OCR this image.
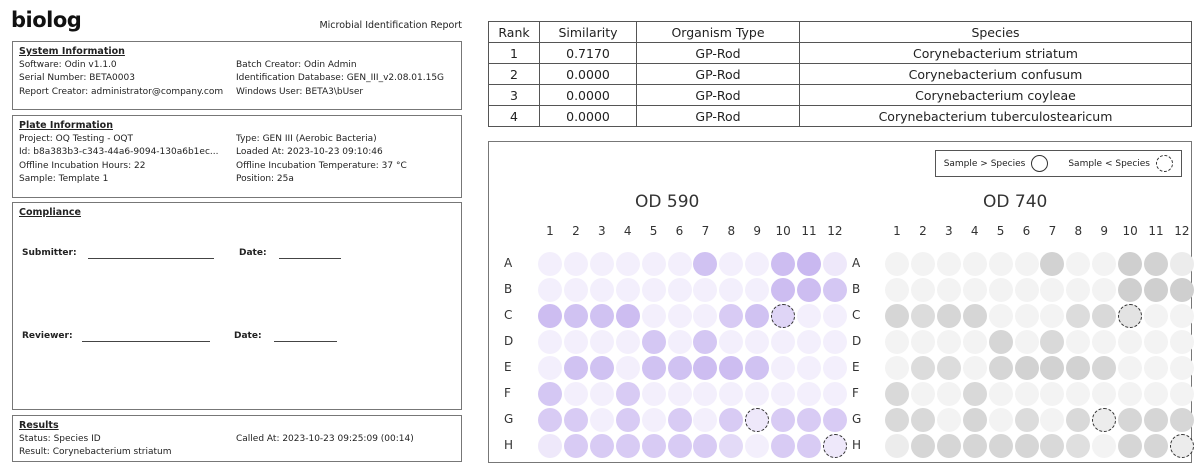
biolog	Microbial Identification Report
System Information
Software: Odin v1.1.0	Batch Creator: Odin Admin
Serial Number: BETA0003	Identification Database: GEN_III_v2.08.01.15G
Report Creator: administrator@company.com	Windows User: BETA3\bUser
Plate Information
Project: OQ Testing - OQT	Type: GEN III (Aerobic Bacteria)
Id: b8a383b3-c343-44a6-9094-130a6b1ec...	Loaded At: 2023-10-23 09:10:46
Offline Incubation Hours: 22	Offline Incubation Temperature: 37 °C
Sample: Template 1	Position: 25a
Compliance
Submitter:	Date:
Reviewer:	Date:
Results
Status: Species ID	Called At: 2023-10-23 09:25:09 (00:14)
Result: Corynebacterium striatum
Rank	Similarity	Organism Type	Species
1	0.7170	GP-Rod	Corynebacterium striatum
2	0.0000	GP-Rod	Corynebacterium confusum
3	0.0000	GP-Rod	Corynebacterium coyleae
4	0.0000	GP-Rod	Corynebacterium tuberculostearicum
Sample > Species	Sample < Species
OD 590	OD 740
1	2	3	4	5	6	7	8	9	10 11 12
A
B
C
D
E
F
G
H
1	2	3	4	5	6	7	8	9	10 11 12
A
B
C
D
E
F
G
H
